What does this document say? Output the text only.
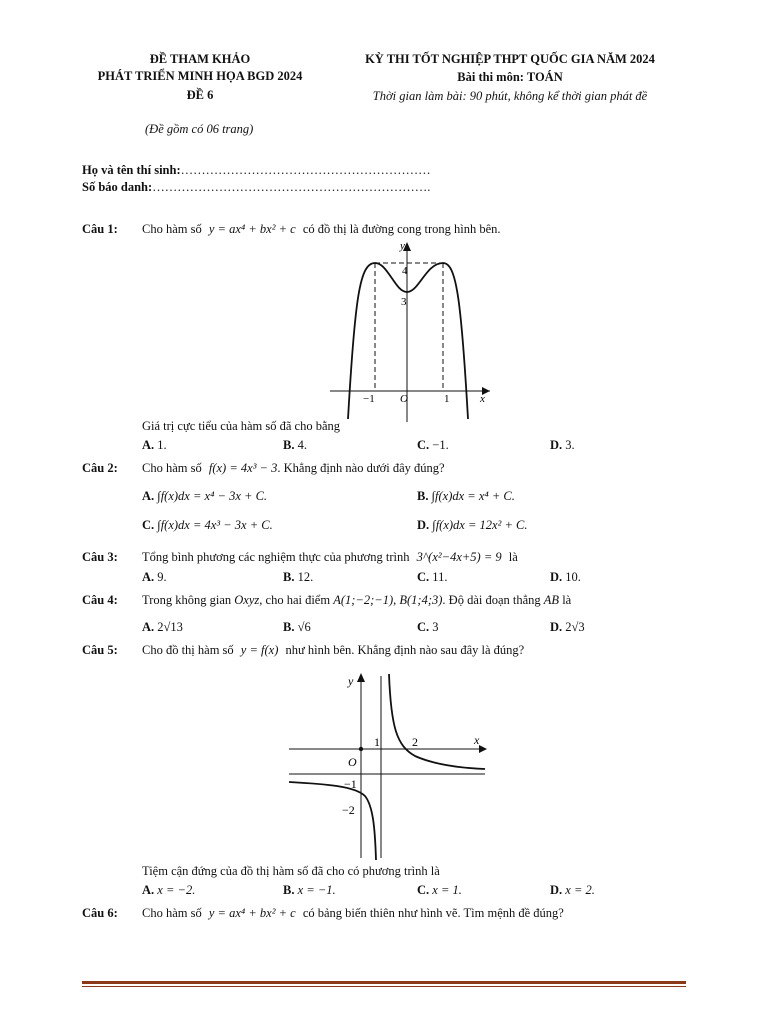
ĐỀ THAM KHẢO
PHÁT TRIỂN MINH HỌA BGD 2024
ĐỀ 6
KỲ THI TỐT NGHIỆP THPT QUỐC GIA NĂM 2024
Bài thi môn: TOÁN
Thời gian làm bài: 90 phút, không kể thời gian phát đề
(Đề gồm có 06 trang)
Họ và tên thí sinh:……………………………………………………
Số báo danh:………………………………………………………….
Câu 1: Cho hàm số y = ax⁴ + bx² + c có đồ thị là đường cong trong hình bên.
y
x
4
3
−1 O	1
Giá trị cực tiểu của hàm số đã cho bằng
A. 1.	B. 4.	C. −1.	D. 3.
Câu 2: Cho hàm số f(x) = 4x³ − 3. Khẳng định nào dưới đây đúng?
A. ∫f(x)dx = x⁴ − 3x + C.	B. ∫f(x)dx = x⁴ + C.
C. ∫f(x)dx = 4x³ − 3x + C.	D. ∫f(x)dx = 12x² + C.
Câu 3: Tổng bình phương các nghiệm thực của phương trình 3^(x²−4x+5) = 9 là
A. 9.	B. 12.	C. 11.	D. 10.
Câu 4: Trong không gian Oxyz, cho hai điểm A(1;−2;−1), B(1;4;3). Độ dài đoạn thẳng AB là
A. 2√13	B. √6	C. 3	D. 2√3
Câu 5: Cho đồ thị hàm số y = f(x) như hình bên. Khẳng định nào sau đây là đúng?
y
x
1	2
O
−1
−2
Tiệm cận đứng của đồ thị hàm số đã cho có phương trình là
A. x = −2.	B. x = −1.	C. x = 1.	D. x = 2.
Câu 6: Cho hàm số y = ax⁴ + bx² + c có bảng biến thiên như hình vẽ. Tìm mệnh đề đúng?
